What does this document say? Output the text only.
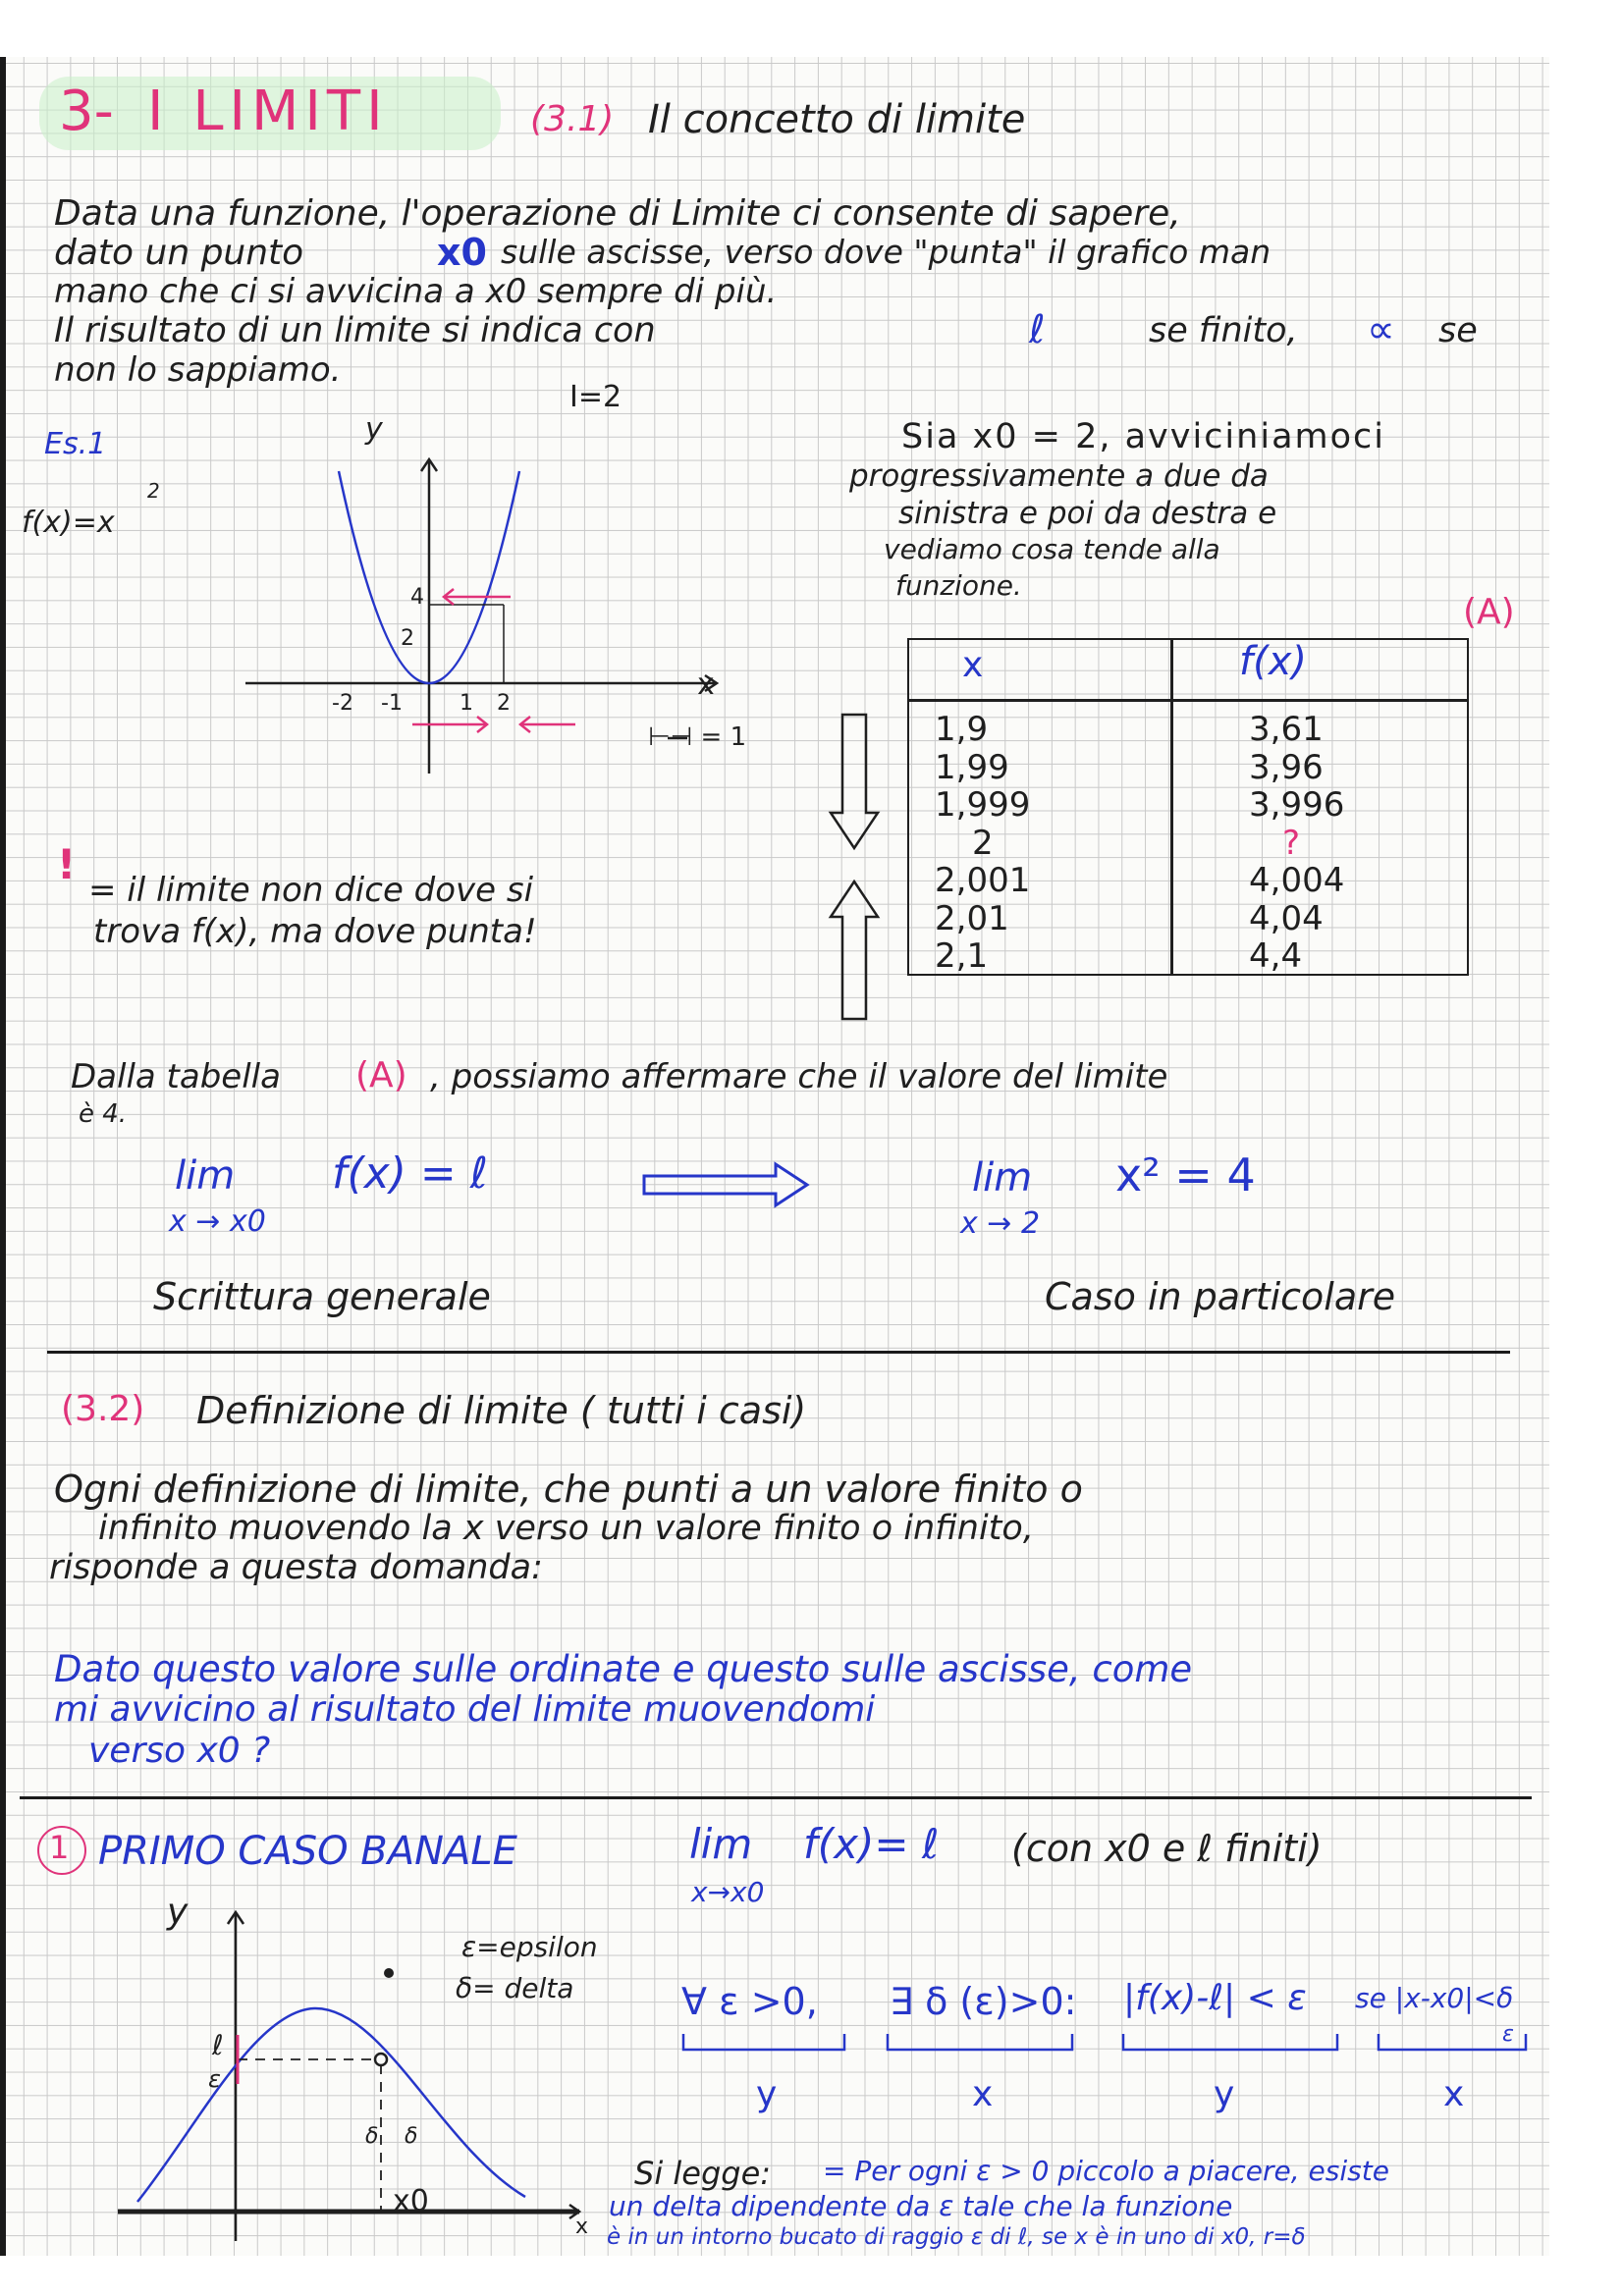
3- I LIMITI	(3.1) Il concetto di limite
Data una funzione, l'operazione di Limite ci consente di sapere,
dato un punto	x0 sulle ascisse, verso dove "punta" il grafico man
mano che ci si avvicina a x0 sempre di più.
Il risultato di un limite si indica con	ℓ	se finito, ∝ se
non lo sappiamo.
Es.1
f(x)=x
2
I=2
⊢⊣ = 1
y
x
4
2
-2 -1	1 2
Sia x0 = 2, avviciniamoci
progressivamente a due da
sinistra e poi da destra e
vediamo cosa tende alla
funzione.
(A)
x	f(x)
1,9	3,61
1,99	3,96
1,999	3,996
2	?
2,001	4,004
2,01	4,04
2,1	4,4
!
= il limite non dice dove si
trova f(x), ma dove punta!
Dalla tabella (A) , possiamo affermare che il valore del limite
è 4.
lim
x → x0
f(x) = ℓ	lim
x → 2
x² = 4
Scrittura generale	Caso in particolare
(3.2) Definizione di limite ( tutti i casi)
Ogni definizione di limite, che punti a un valore finito o
infinito muovendo la x verso un valore finito o infinito,
risponde a questa domanda:
Dato questo valore sulle ordinate e questo sulle ascisse, come
mi avvicino al risultato del limite muovendomi
verso x0 ?
1 PRIMO CASO BANALE	lim
x→x0
f(x)= ℓ (con x0 e ℓ finiti)
ε=epsilon
δ= delta
y
x
x0
ℓ
ε
δ δ
∀ ε >0, ∃ δ (ε)>0: |f(x)-ℓ| < ε se |x-x0|<δ
ε
y	x	y	x
Si legge: = Per ogni ε > 0 piccolo a piacere, esiste
un delta dipendente da ε tale che la funzione
è in un intorno bucato di raggio ε di ℓ, se x è in uno di x0, r=δ
